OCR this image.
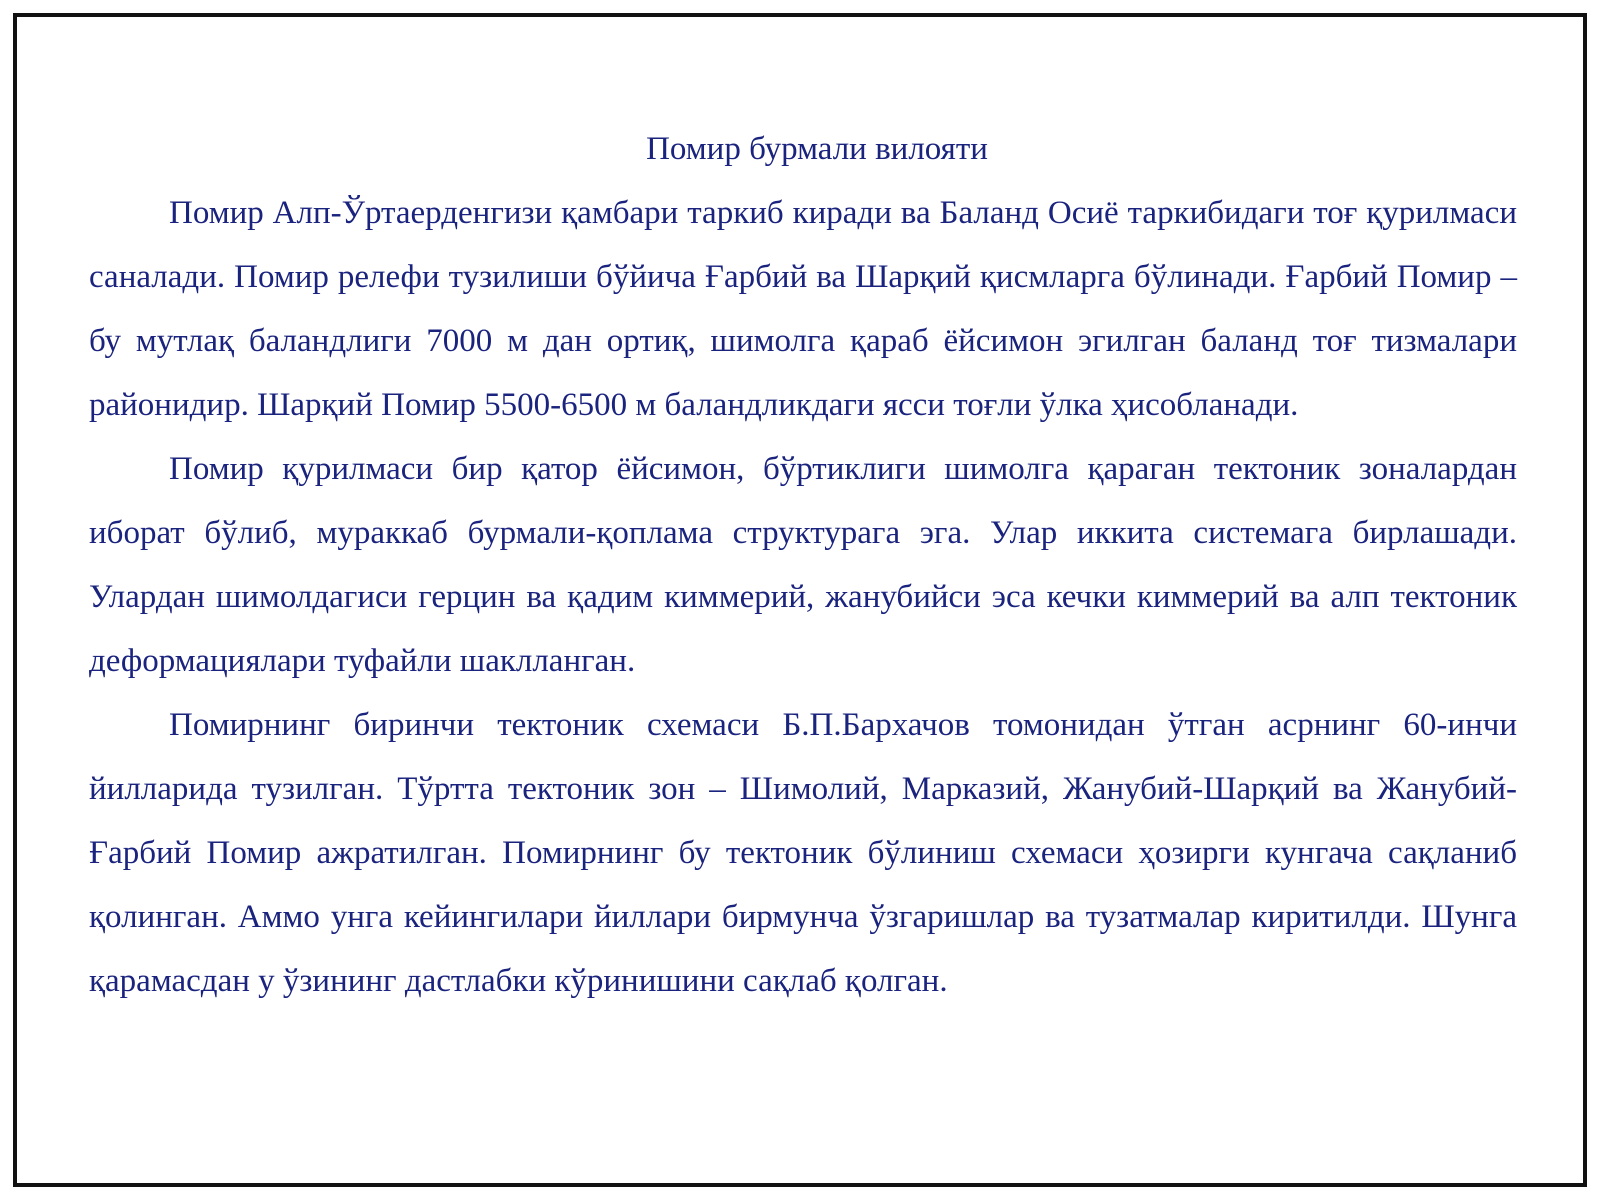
Помир бурмали вилояти

Помир Алп-Ўртаерденгизи қамбари таркиб киради ва Баланд Осиё таркибидаги тоғ қурилмаси саналади. Помир релефи тузилиши бўйича Ғарбий ва Шарқий қисмларга бўлинади. Ғарбий Помир – бу мутлақ баландлиги 7000 м дан ортиқ, шимолга қараб ёйсимон эгилган баланд тоғ тизмалари районидир. Шарқий Помир 5500-6500 м баландликдаги ясси тоғли ўлка ҳисобланади.

Помир қурилмаси бир қатор ёйсимон, бўртиклиги шимолга қараган тектоник зоналардан иборат бўлиб, мураккаб бурмали-қоплама структурага эга. Улар иккита системага бирлашади. Улардан шимолдагиси герцин ва қадим киммерий, жанубийси эса кечки киммерий ва алп тектоник деформациялари туфайли шаклланган.

Помирнинг биринчи тектоник схемаси Б.П.Бархачов томонидан ўтган асрнинг 60-инчи йилларида тузилган. Тўртта тектоник зон – Шимолий, Марказий, Жанубий-Шарқий ва Жанубий-Ғарбий Помир ажратилган. Помирнинг бу тектоник бўлиниш схемаси ҳозирги кунгача сақланиб қолинган. Аммо унга кейингилари йиллари бирмунча ўзгаришлар ва тузатмалар киритилди. Шунга қарамасдан у ўзининг дастлабки кўринишини сақлаб қолган.
